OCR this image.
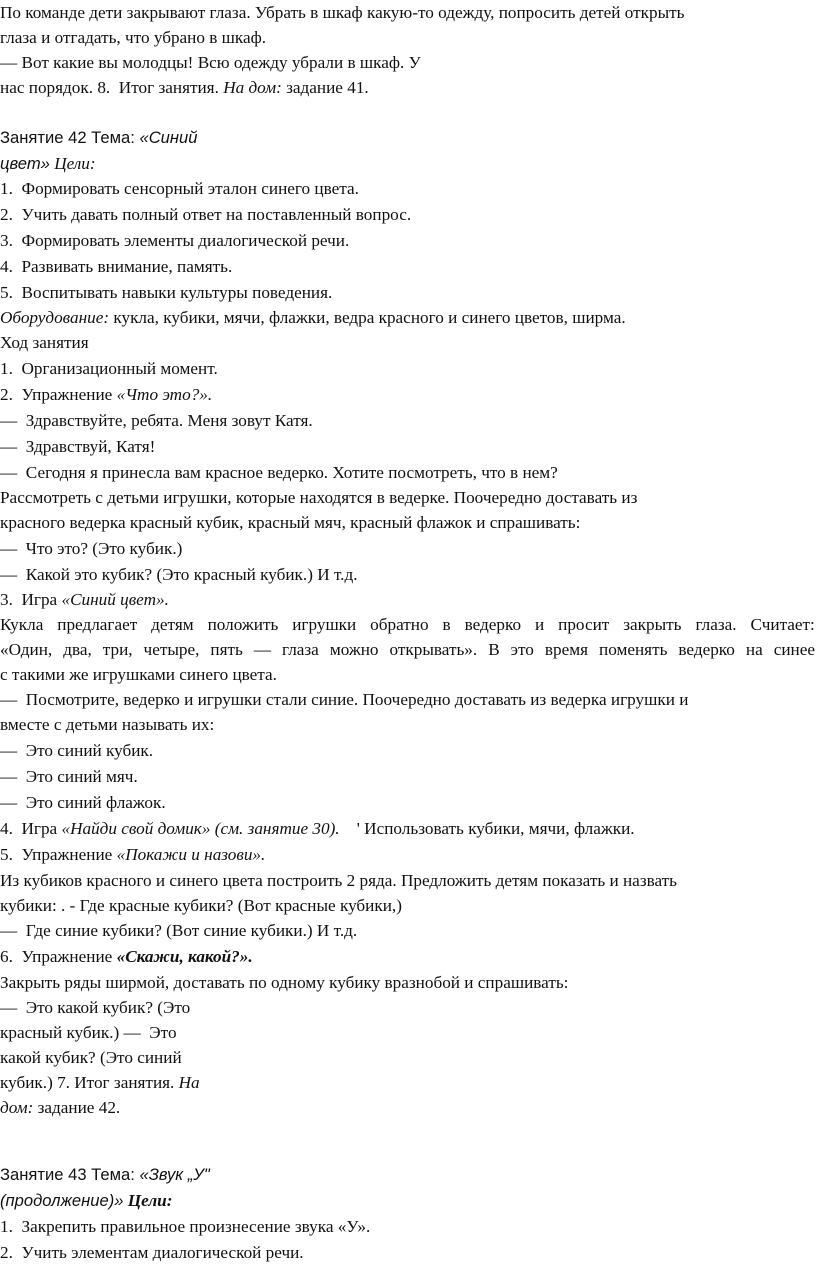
По команде дети закрывают глаза. Убрать в шкаф какую-то одежду, попросить детей открыть
глаза и отгадать, что убрано в шкаф.
— Вот какие вы молодцы! Всю одежду убрали в шкаф. У
нас порядок. 8.  Итог занятия. На дом: задание 41.
Занятие 42 Тема: «Синий
цвет» Цели:
1.  Формировать сенсорный эталон синего цвета.
2.  Учить давать полный ответ на поставленный вопрос.
3.  Формировать элементы диалогической речи.
4.  Развивать внимание, память.
5.  Воспитывать навыки культуры поведения.
Оборудование: кукла, кубики, мячи, флажки, ведра красного и синего цветов, ширма.
Ход занятия
1.  Организационный момент.
2.  Упражнение «Что это?».
—  Здравствуйте, ребята. Меня зовут Катя.
—  Здравствуй, Катя!
—  Сегодня я принесла вам красное ведерко. Хотите посмотреть, что в нем?
Рассмотреть с детьми игрушки, которые находятся в ведерке. Поочередно доставать из
красного ведерка красный кубик, красный мяч, красный флажок и спрашивать:
—  Что это? (Это кубик.)
—  Какой это кубик? (Это красный кубик.) И т.д.
3.  Игра «Синий цвет».
Кукла предлагает детям положить игрушки обратно в ведерко и просит закрыть глаза. Считает:
«Один, два, три, четыре, пять — глаза можно открывать». В это время поменять ведерко на синее
с такими же игрушками синего цвета.
—  Посмотрите, ведерко и игрушки стали синие. Поочередно доставать из ведерка игрушки и
вместе с детьми называть их:
—  Это синий кубик.
—  Это синий мяч.
—  Это синий флажок.
4.  Игра «Найди свой домик» (см. занятие 30).    ' Использовать кубики, мячи, флажки.
5.  Упражнение «Покажи и назови».
Из кубиков красного и синего цвета построить 2 ряда. Предложить детям показать и назвать
кубики: . - Где красные кубики? (Вот красные кубики,)
—  Где синие кубики? (Вот синие кубики.) И т.д.
6.  Упражнение «Скажи, какой?».
Закрыть ряды ширмой, доставать по одному кубику вразнобой и спрашивать:
—  Это какой кубик? (Это
красный кубик.) —  Это
какой кубик? (Это синий
кубик.) 7. Итог занятия. На
дом: задание 42.
Занятие 43 Тема: «Звук „У"
(продолжение)» Цели:
1.  Закрепить правильное произнесение звука «У».
2.  Учить элементам диалогической речи.
